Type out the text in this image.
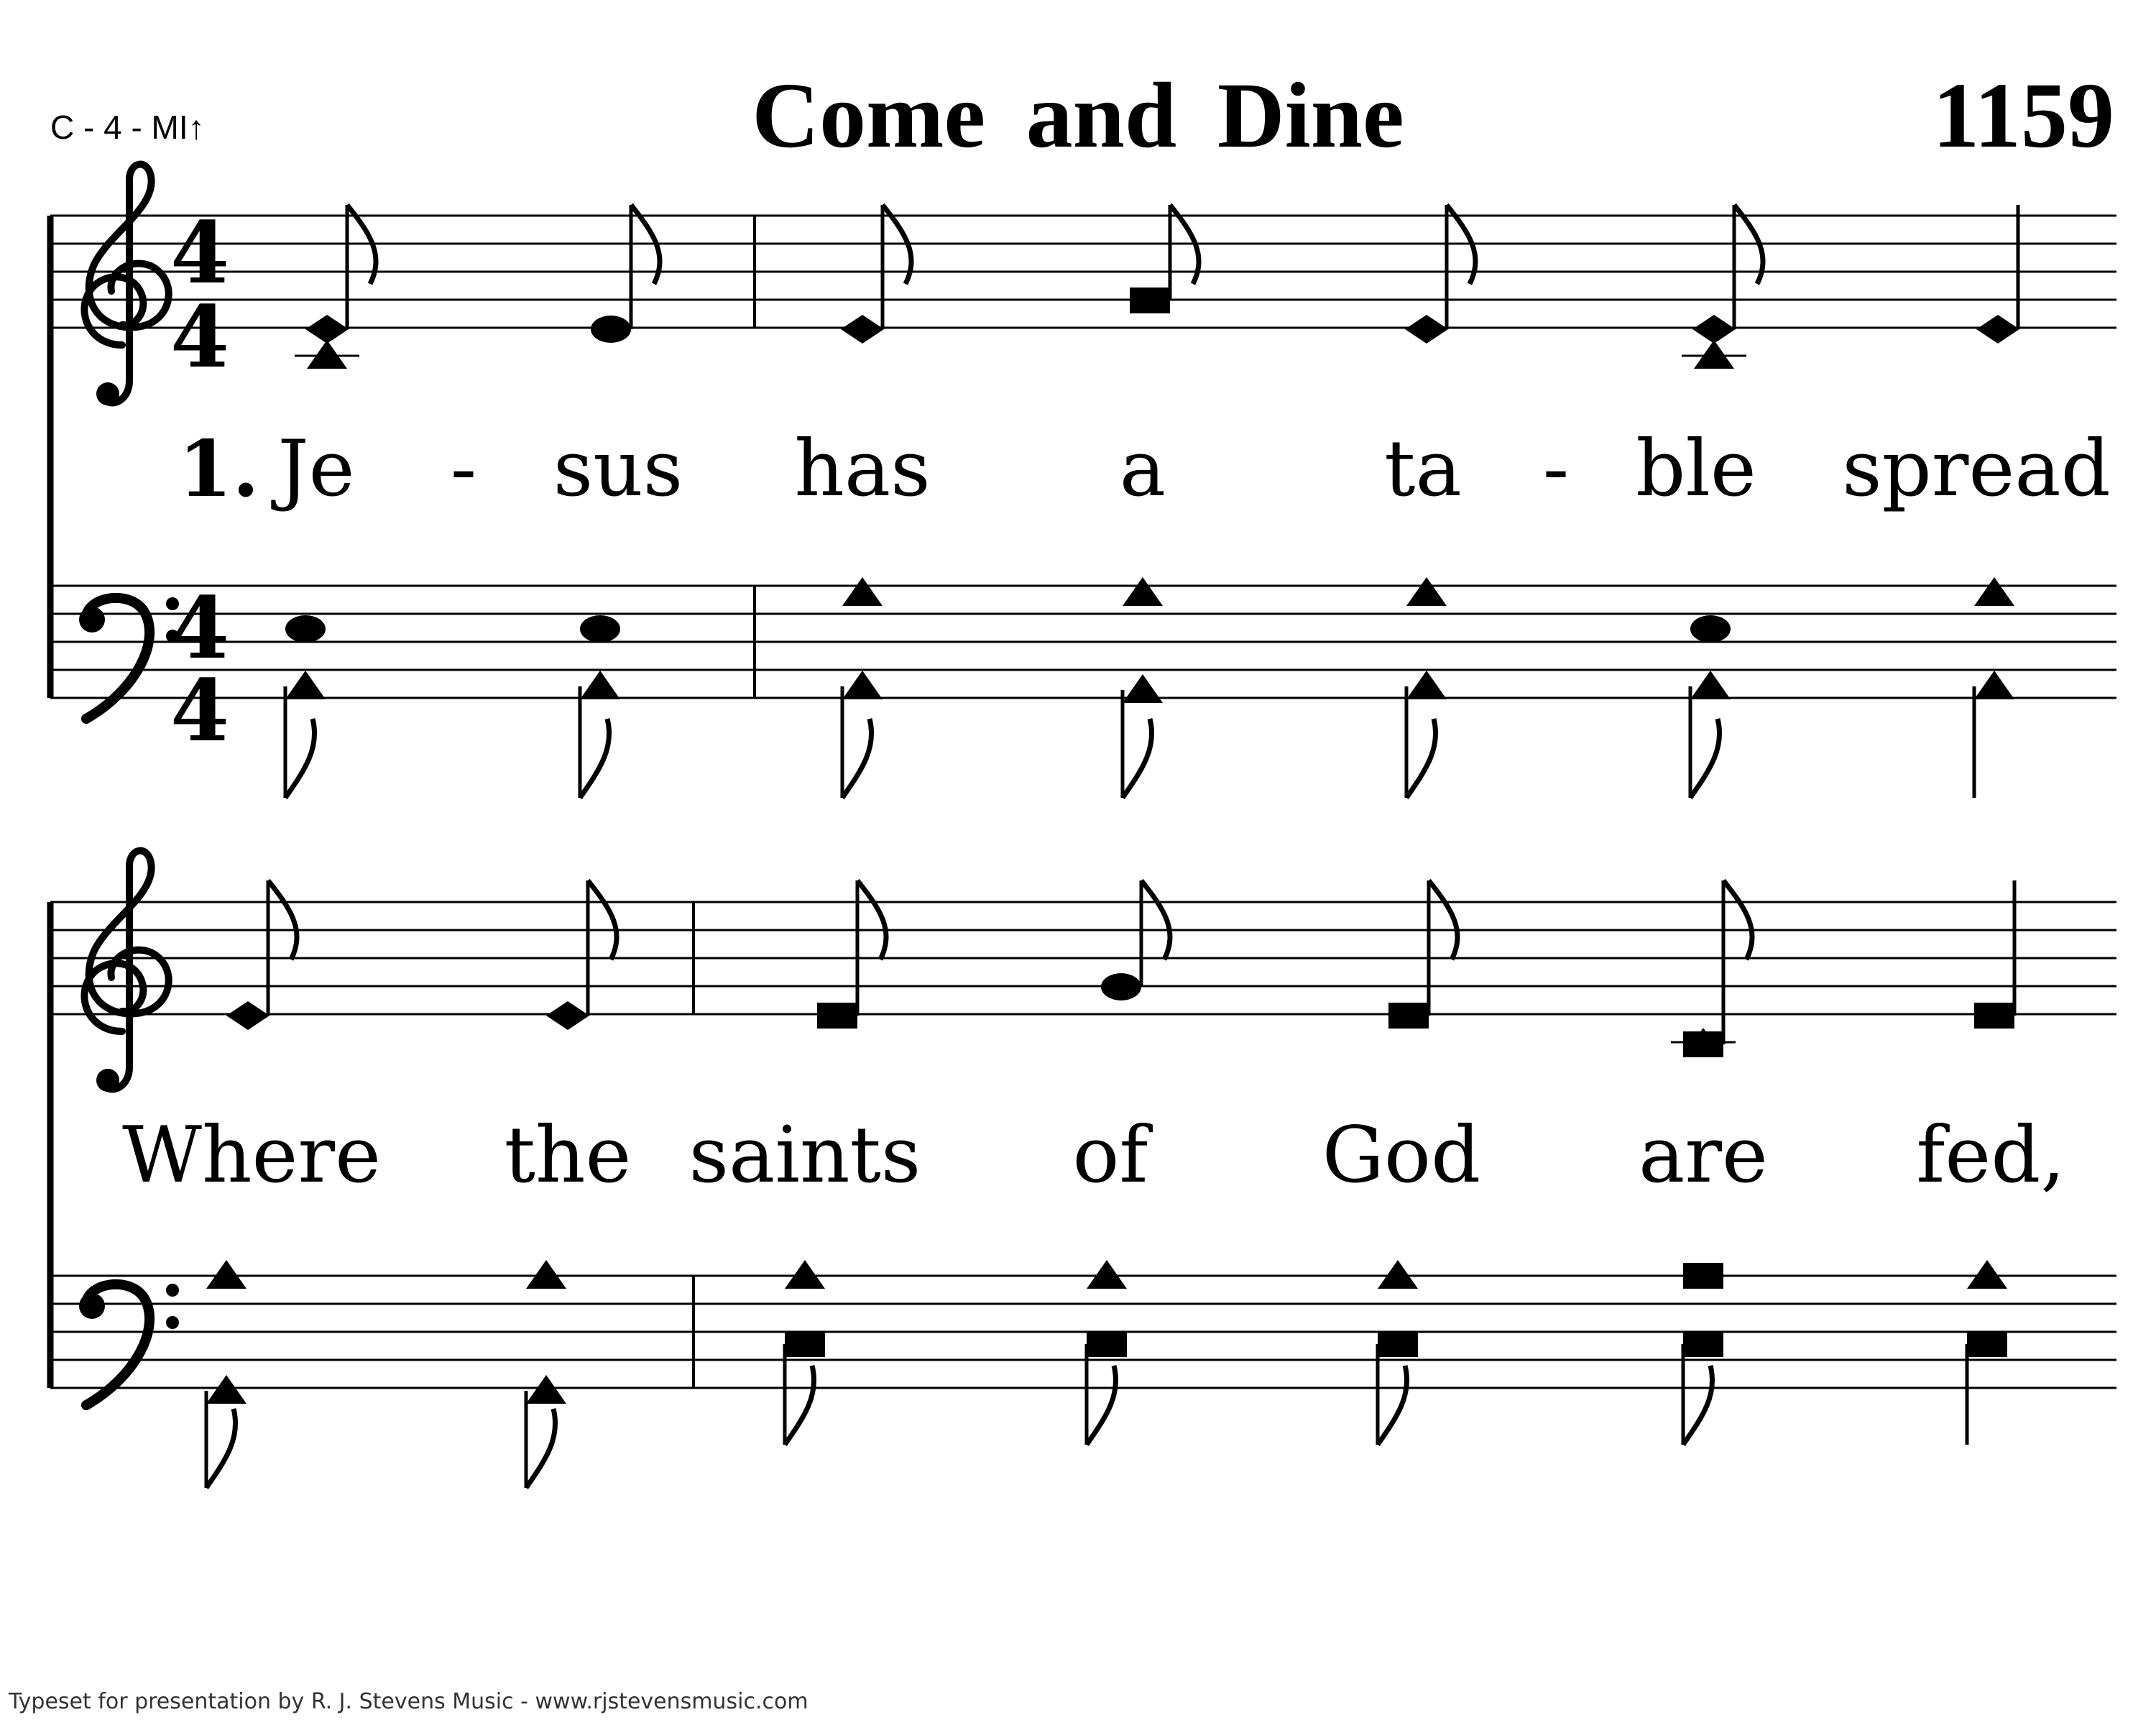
C - 4 - MI↑	Come and Dine	1159
4
4
4
4
1. Je - sus has a	ta - ble spread
Where the saints of God are fed,
Typeset for presentation by R. J. Stevens Music - www.rjstevensmusic.com
